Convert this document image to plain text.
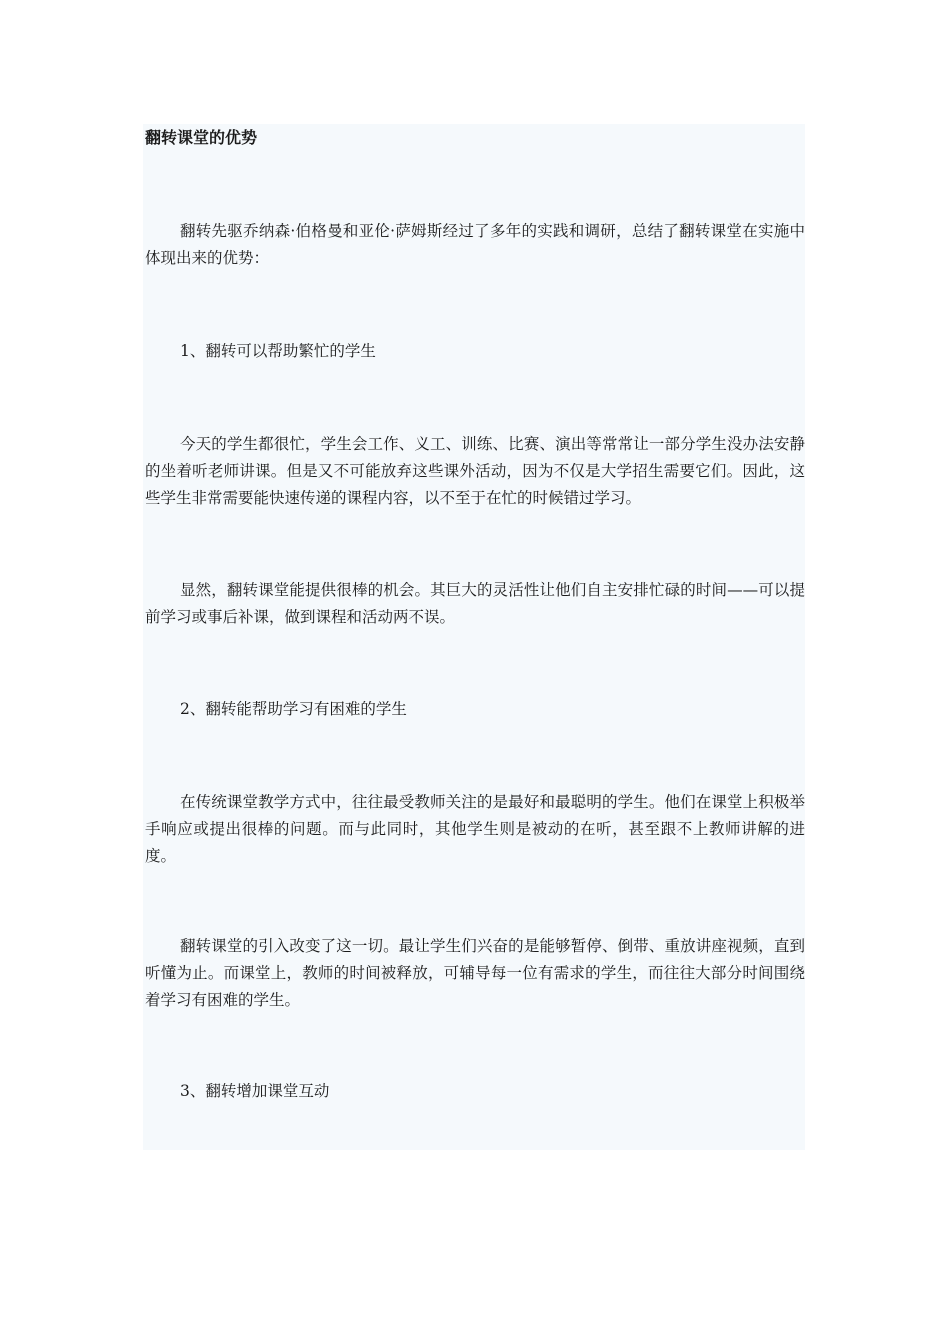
翻转课堂的优势

翻转先驱乔纳森·伯格曼和亚伦·萨姆斯经过了多年的实践和调研，总结了翻转课堂在实施中体现出来的优势：

1、翻转可以帮助繁忙的学生

今天的学生都很忙，学生会工作、义工、训练、比赛、演出等常常让一部分学生没办法安静的坐着听老师讲课。但是又不可能放弃这些课外活动，因为不仅是大学招生需要它们。因此，这些学生非常需要能快速传递的课程内容，以不至于在忙的时候错过学习。

显然，翻转课堂能提供很棒的机会。其巨大的灵活性让他们自主安排忙碌的时间——可以提前学习或事后补课，做到课程和活动两不误。

2、翻转能帮助学习有困难的学生

在传统课堂教学方式中，往往最受教师关注的是最好和最聪明的学生。他们在课堂上积极举手响应或提出很棒的问题。而与此同时，其他学生则是被动的在听，甚至跟不上教师讲解的进度。

翻转课堂的引入改变了这一切。最让学生们兴奋的是能够暂停、倒带、重放讲座视频，直到听懂为止。而课堂上，教师的时间被释放，可辅导每一位有需求的学生，而往往大部分时间围绕着学习有困难的学生。

3、翻转增加课堂互动
